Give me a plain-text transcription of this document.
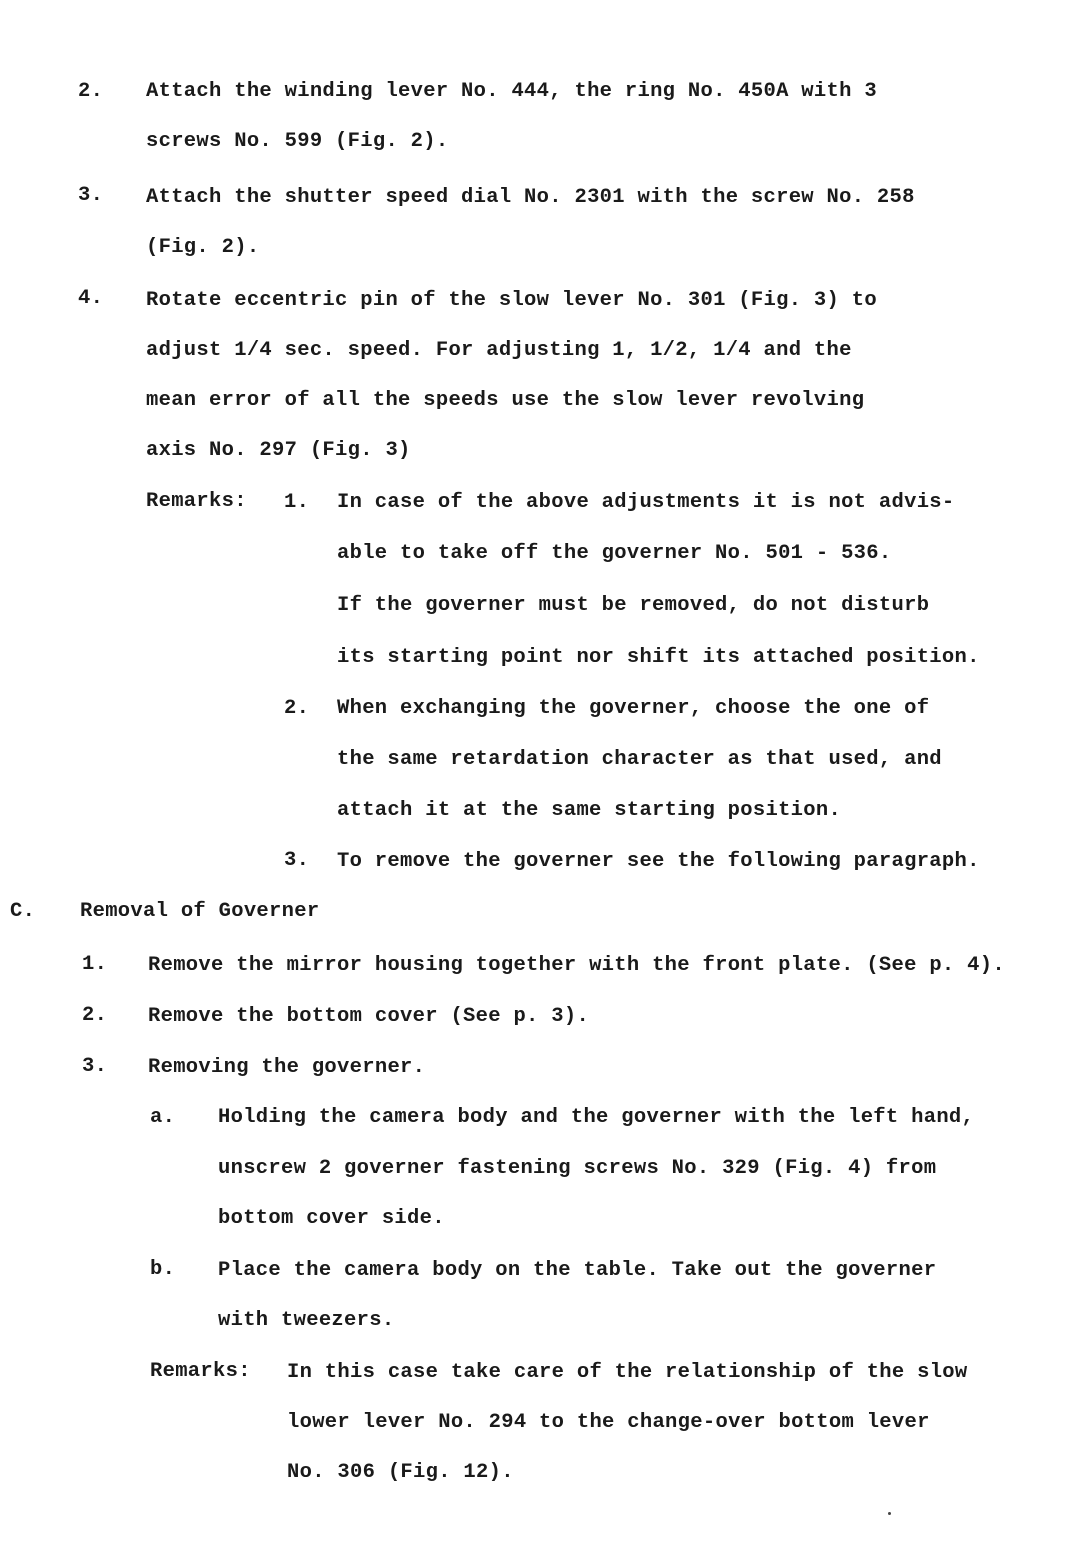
2. Attach the winding lever No. 444, the ring No. 450A with 3
screws No. 599 (Fig. 2).
3. Attach the shutter speed dial No. 2301 with the screw No. 258
(Fig. 2).
4. Rotate eccentric pin of the slow lever No. 301 (Fig. 3) to
adjust 1/4 sec. speed. For adjusting 1, 1/2, 1/4 and the
mean error of all the speeds use the slow lever revolving
axis No. 297 (Fig. 3)
Remarks: 1. In case of the above adjustments it is not advis-
able to take off the governer No. 501 - 536.
If the governer must be removed, do not disturb
its starting point nor shift its attached position.
2. When exchanging the governer, choose the one of
the same retardation character as that used, and
attach it at the same starting position.
3. To remove the governer see the following paragraph.
C. Removal of Governer
1. Remove the mirror housing together with the front plate. (See p. 4).
2. Remove the bottom cover (See p. 3).
3. Removing the governer.
a. Holding the camera body and the governer with the left hand,
unscrew 2 governer fastening screws No. 329 (Fig. 4) from
bottom cover side.
b. Place the camera body on the table. Take out the governer
with tweezers.
Remarks: In this case take care of the relationship of the slow
lower lever No. 294 to the change-over bottom lever
No. 306 (Fig. 12).
